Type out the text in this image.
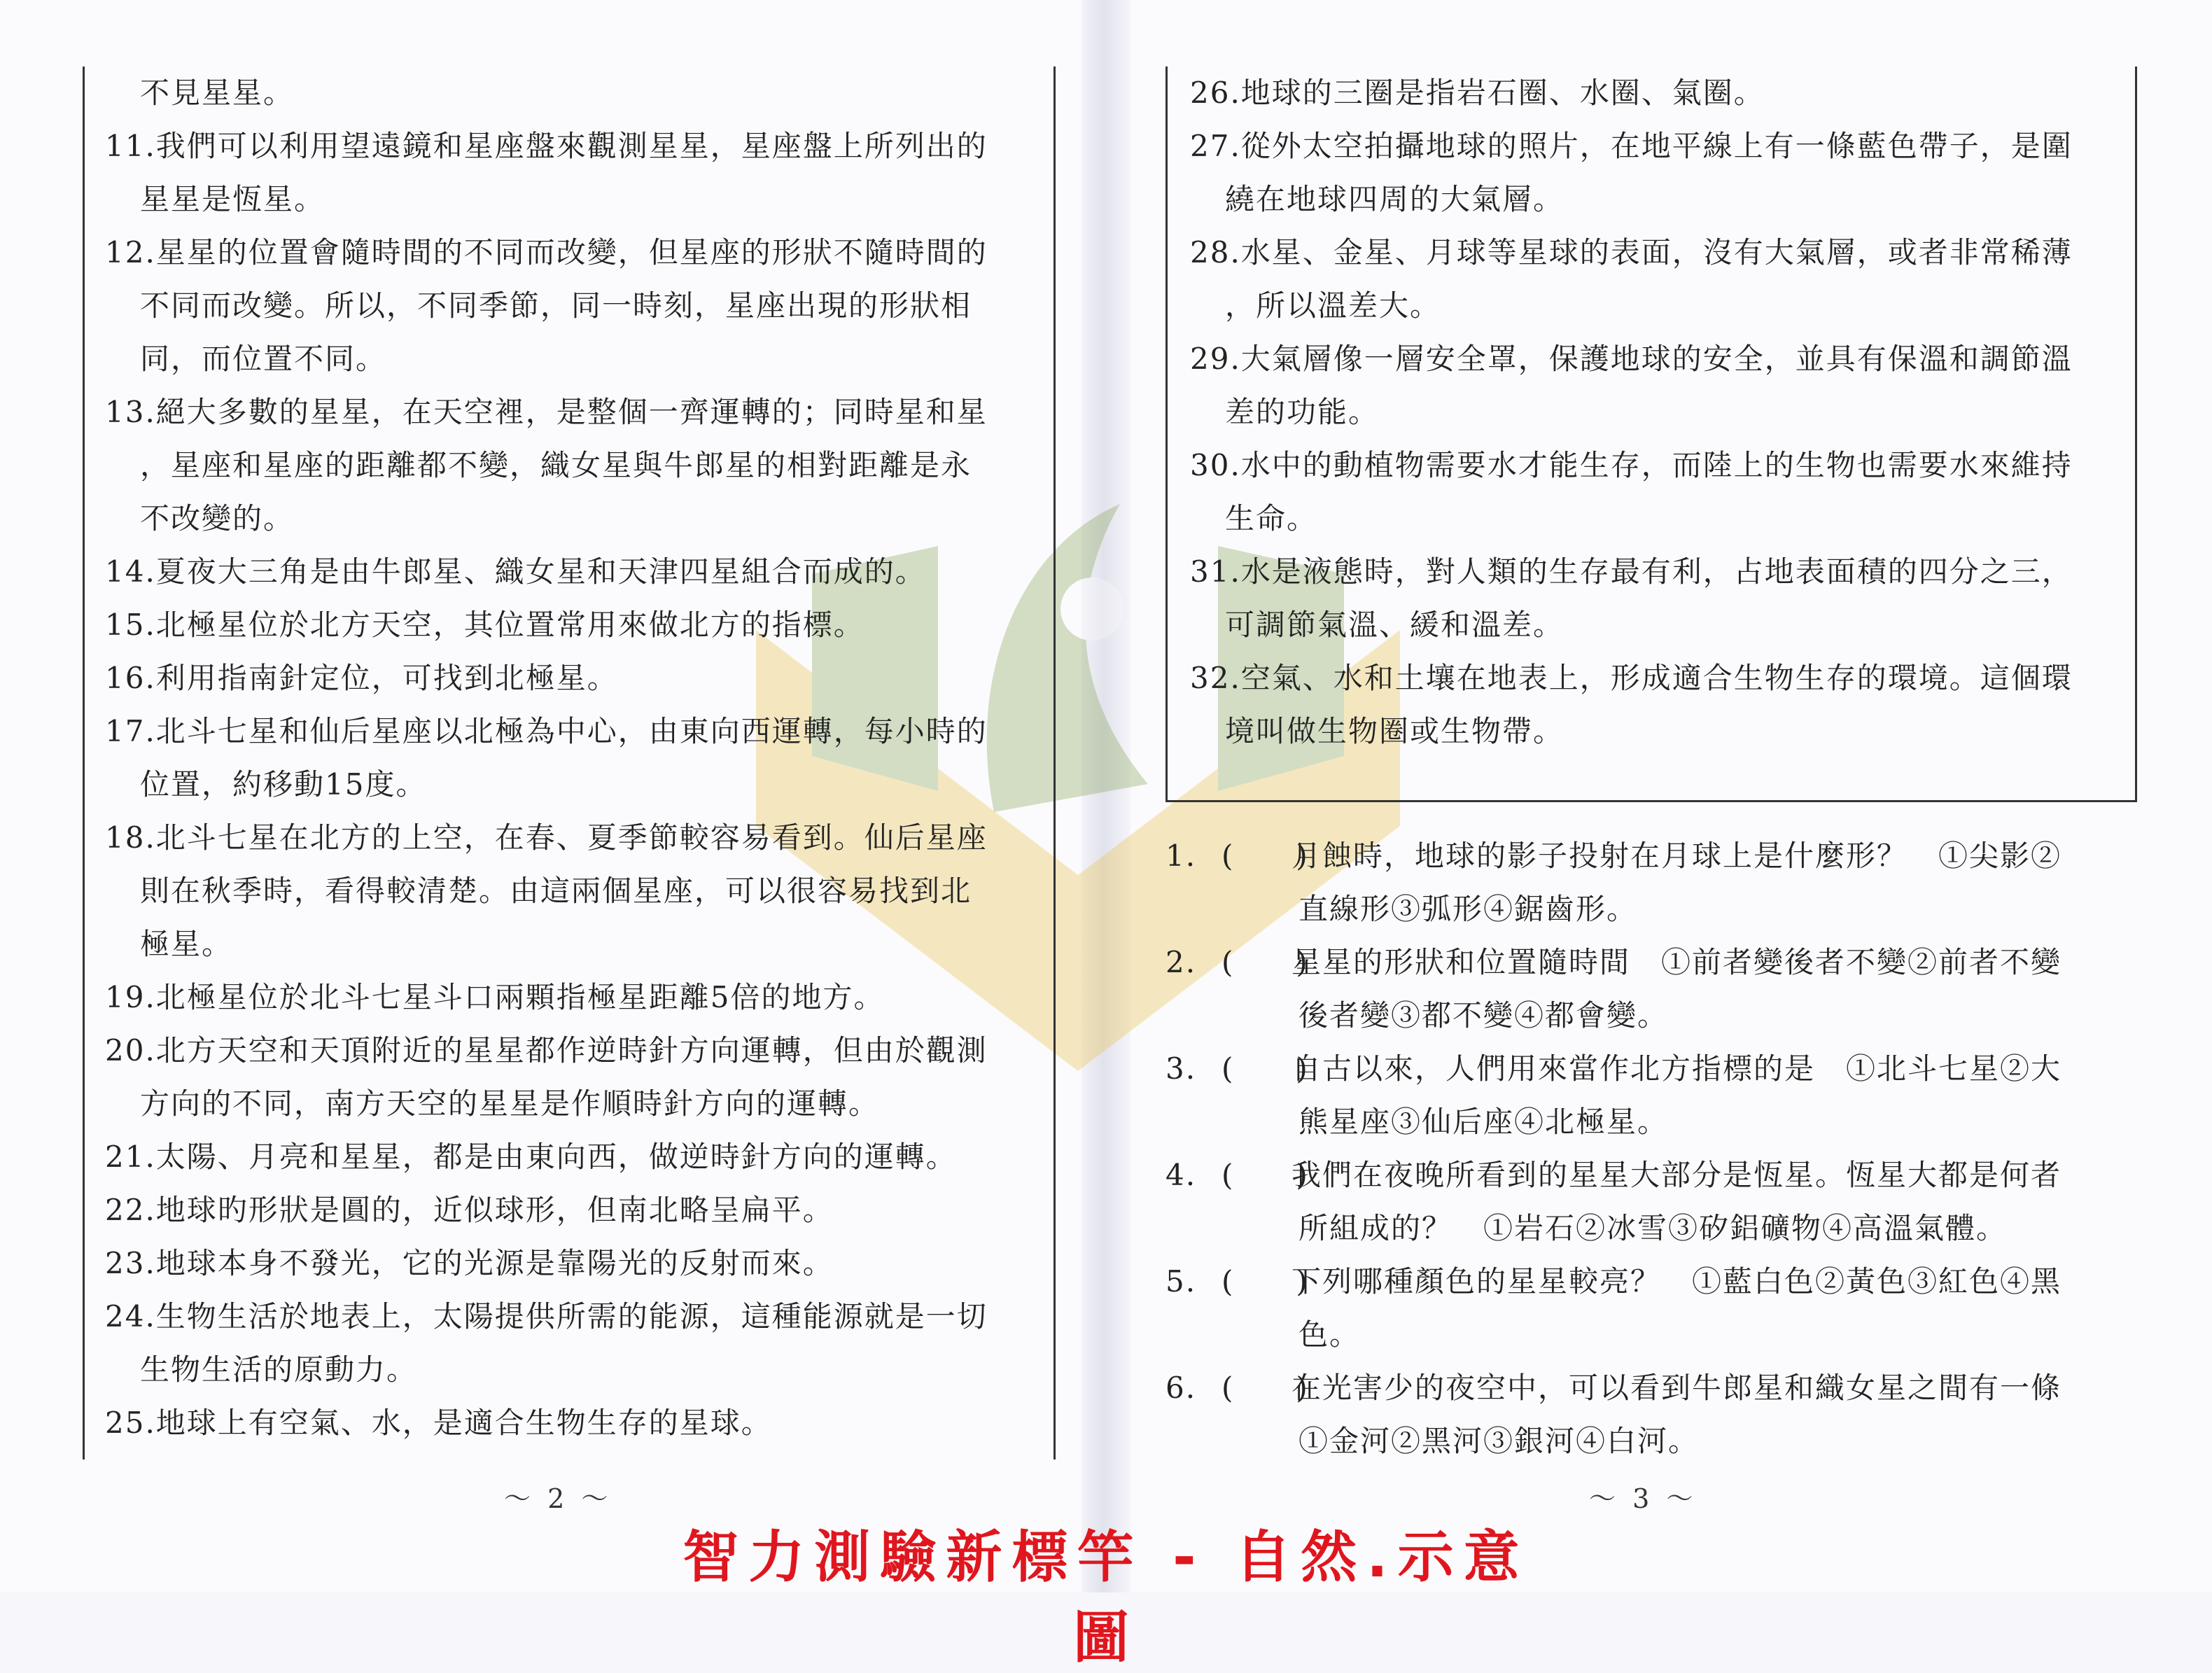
不見星星。
11. 我們可以利用望遠鏡和星座盤來觀測星星，星座盤上所列出的
星星是恆星。
12. 星星的位置會隨時間的不同而改變，但星座的形狀不隨時間的
不同而改變。所以，不同季節，同一時刻，星座出現的形狀相
同，而位置不同。
13. 絕大多數的星星，在天空裡，是整個一齊運轉的；同時星和星
，星座和星座的距離都不變，織女星與牛郎星的相對距離是永
不改變的。
14. 夏夜大三角是由牛郎星、織女星和天津四星組合而成的。
15. 北極星位於北方天空，其位置常用來做北方的指標。
16. 利用指南針定位，可找到北極星。
17. 北斗七星和仙后星座以北極為中心，由東向西運轉，每小時的
位置，約移動15度。
18. 北斗七星在北方的上空，在春、夏季節較容易看到。仙后星座
則在秋季時，看得較清楚。由這兩個星座，可以很容易找到北
極星。
19. 北極星位於北斗七星斗口兩顆指極星距離5倍的地方。
20. 北方天空和天頂附近的星星都作逆時針方向運轉，但由於觀測
方向的不同，南方天空的星星是作順時針方向的運轉。
21. 太陽、月亮和星星，都是由東向西，做逆時針方向的運轉。
22. 地球旳形狀是圓的，近似球形，但南北略呈扁平。
23. 地球本身不發光，它的光源是靠陽光的反射而來。
24. 生物生活於地表上，太陽提供所需的能源，這種能源就是一切
生物生活的原動力。
25. 地球上有空氣、水，是適合生物生存的星球。
26. 地球的三圈是指岩石圈、水圈、氣圈。
27. 從外太空拍攝地球的照片，在地平線上有一條藍色帶子，是圍
繞在地球四周的大氣層。
28. 水星、金星、月球等星球的表面，沒有大氣層，或者非常稀薄
，所以溫差大。
29. 大氣層像一層安全罩，保護地球的安全，並具有保溫和調節溫
差的功能。
30. 水中的動植物需要水才能生存，而陸上的生物也需要水來維持
生命。
31. 水是液態時，對人類的生存最有利，占地表面積的四分之三，
可調節氣溫、緩和溫差。
32. 空氣、水和土壤在地表上，形成適合生物生存的環境。這個環
境叫做生物圈或生物帶。
1. (　　)
月蝕時，地球的影子投射在月球上是什麼形？　①尖影②
直線形③弧形④鋸齒形。
2. (　　)
星星的形狀和位置隨時間　①前者變後者不變②前者不變
後者變③都不變④都會變。
3. (　　)
自古以來，人們用來當作北方指標的是　①北斗七星②大
熊星座③仙后座④北極星。
4. (　　)
我們在夜晚所看到的星星大部分是恆星。恆星大都是何者
所組成的？　①岩石②冰雪③矽鋁礦物④高溫氣體。
5. (　　)
下列哪種顏色的星星較亮？　①藍白色②黃色③紅色④黑
色。
6. (　　)
在光害少的夜空中，可以看到牛郎星和織女星之間有一條
①金河②黑河③銀河④白河。
～ 2 ～	～ 3 ～
智力測驗新標竿 - 自然.示意圖
